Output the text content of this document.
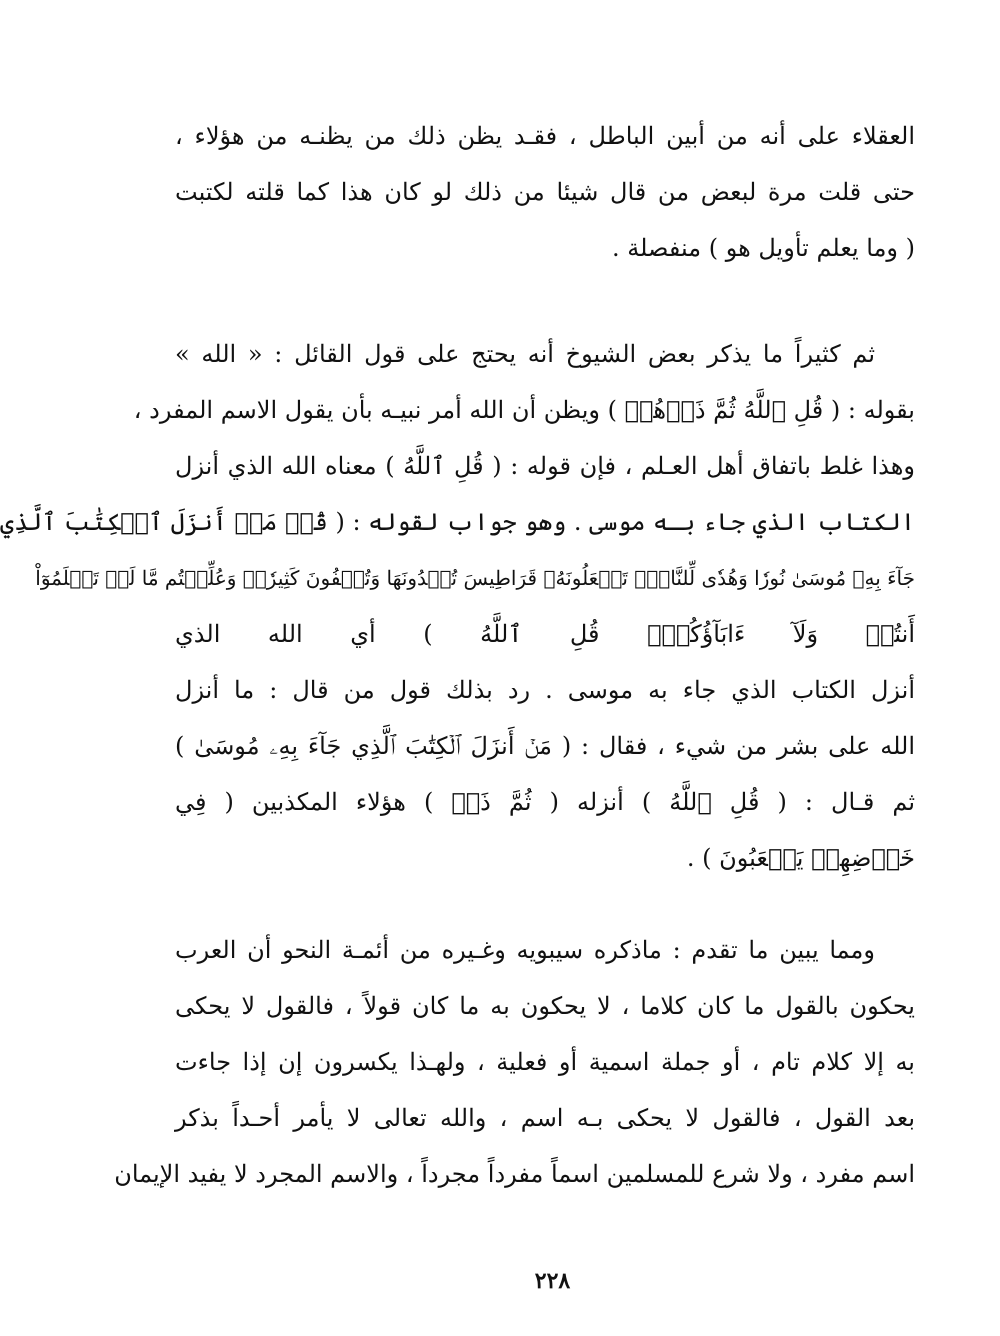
العقلاء على أنه من أبين الباطل ، فقـد يظن ذلك من يظنـه من هؤلاء ،
حتى قلت مرة لبعض من قال شيئا من ذلك لو كان هذا كما قلته لكتبت
( وما يعلم تأويل هو ) منفصلة .
ثم كثيراً ما يذكر بعض الشيوخ أنه يحتج على قول القائل : « الله »
بقوله : ( قُلِ ٱللَّهُ ثُمَّ ذَرۡهُمۡ ) ويظن أن الله أمر نبيـه بأن يقول الاسم المفرد ،
وهذا غلط باتفاق أهل العـلم ، فإن قوله : ( قُلِ ٱللَّهُ ) معناه الله الذي أنزل
الكتاب الذي جاء بـه موسى . وهو جواب لقوله : ( قُلۡ مَنۡ أَنزَلَ ٱلۡكِتَٰبَ ٱلَّذِي
جَآءَ بِهِۦ مُوسَىٰ نُورٗا وَهُدٗى لِّلنَّاسِۖ تَجۡعَلُونَهُۥ قَرَاطِيسَ تُبۡدُونَهَا وَتُخۡفُونَ كَثِيرٗاۖ وَعُلِّمۡتُم مَّا لَمۡ تَعۡلَمُوٓاْ
أَنتُمۡ وَلَآ ءَابَآؤُكُمۡۖ قُلِ ٱللَّهُ ) أي الله الذي
أنزل الكتاب الذي جاء به موسى . رد بذلك قول من قال : ما أنزل
الله على بشر من شيء ، فقال : ( مَنۡ أَنزَلَ ٱلۡكِتَٰبَ ٱلَّذِي جَآءَ بِهِۦ مُوسَىٰ )
ثم قـال : ( قُلِ ٱللَّهُ ) أنزله ( ثُمَّ ذَرۡ ) هؤلاء المكذبين ( فِي
خَوۡضِهِمۡ يَلۡعَبُونَ ) .
ومما يبين ما تقدم : ماذكره سيبويه وغـيره من أئمـة النحو أن العرب
يحكون بالقول ما كان كلاما ، لا يحكون به ما كان قولاً ، فالقول لا يحكى
به إلا كلام تام ، أو جملة اسمية أو فعلية ، ولهـذا يكسرون إن إذا جاءت
بعد القول ، فالقول لا يحكى بـه اسم ، والله تعالى لا يأمر أحـداً بذكر
اسم مفرد ، ولا شرع للمسلمين اسماً مفرداً مجرداً ، والاسم المجرد لا يفيد الإيمان
٢٢٨
